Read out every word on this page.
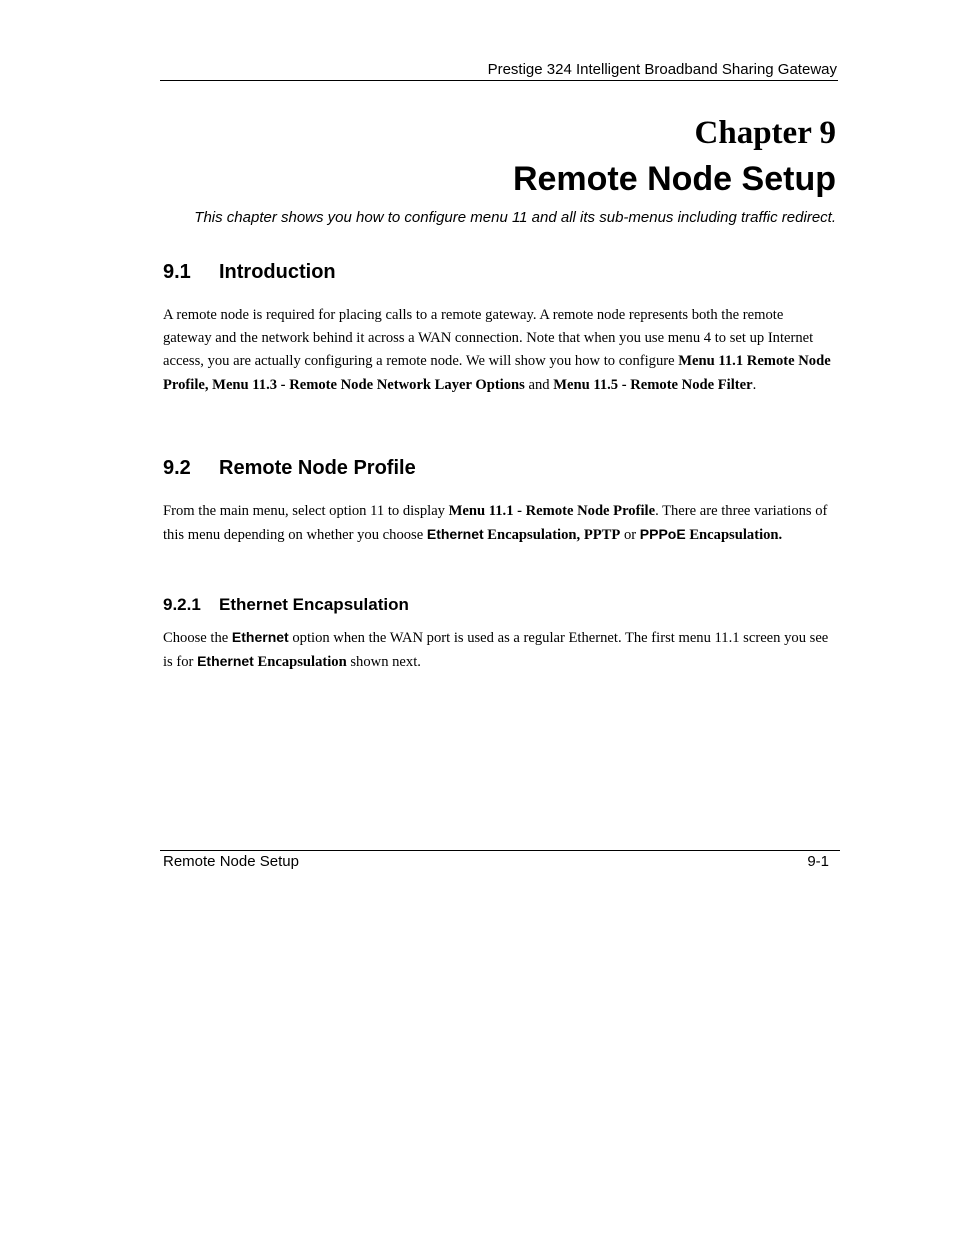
Prestige 324 Intelligent Broadband Sharing Gateway
Chapter 9
Remote Node Setup
This chapter shows you how to configure menu 11 and all its sub-menus including traffic redirect.
9.1 Introduction
A remote node is required for placing calls to a remote gateway. A remote node represents both the remote gateway and the network behind it across a WAN connection. Note that when you use menu 4 to set up Internet access, you are actually configuring a remote node. We will show you how to configure Menu 11.1 Remote Node Profile, Menu 11.3 - Remote Node Network Layer Options and Menu 11.5 - Remote Node Filter.
9.2 Remote Node Profile
From the main menu, select option 11 to display Menu 11.1 - Remote Node Profile. There are three variations of this menu depending on whether you choose Ethernet Encapsulation, PPTP or PPPoE Encapsulation.
9.2.1 Ethernet Encapsulation
Choose the Ethernet option when the WAN port is used as a regular Ethernet. The first menu 11.1 screen you see is for Ethernet Encapsulation shown next.
Remote Node Setup	9-1
